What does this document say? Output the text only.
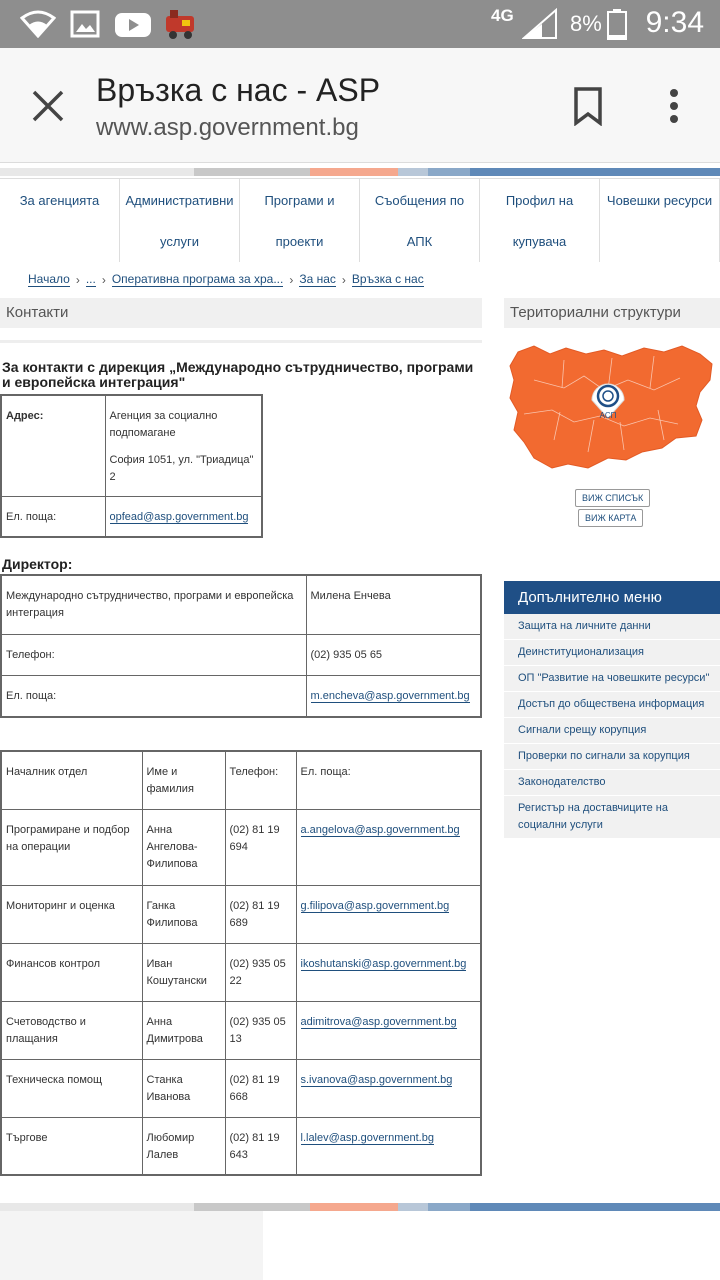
4G	8% 9:34
Връзка с нас - ASP
www.asp.government.bg
За агенцията	Административни
услуги
Програми и
проекти
Съобщения по
АПК
Профил на
купувача
Човешки ресурси
Начало › ... › Оперативна програма за хра... › За нас › Връзка с нас
Контакти	Териториални структури
За контакти с дирекция „Международно сътрудничество, програми и европейска интеграция"
Адрес:	Агенция за социално подпомагане
София 1051, ул. "Триадица" 2

Ел. поща:	opfead@asp.government.bg
Директор:
Международно сътрудничество, програми и европейска интеграция	Милена Енчева
Телефон:	(02) 935 05 65
Ел. поща:	m.encheva@asp.government.bg
Началник отдел	Име и фамилия	Телефон:	Ел. поща:
Програмиране и подбор на операции	Анна Ангелова-Филипова	(02) 81 19 694	a.angelova@asp.government.bg
Мониторинг и оценка	Ганка Филипова	(02) 81 19 689	g.filipova@asp.government.bg
Финансов контрол	Иван Кошутански	(02) 935 05 22	ikoshutanski@asp.government.bg
Счетоводство и плащания	Анна Димитрова	(02) 935 05 13	adimitrova@asp.government.bg
Техническа помощ	Станка Иванова	(02) 81 19 668	s.ivanova@asp.government.bg
Търгове	Любомир Лалев	(02) 81 19 643	l.lalev@asp.government.bg
АСП
ВИЖ СПИСЪК
ВИЖ КАРТА
Допълнително меню
Защита на личните данни
Деинституционализация
ОП "Развитие на човешките ресурси"
Достъп до обществена информация
Сигнали срещу корупция
Проверки по сигнали за корупция
Законодателство
Регистър на доставчиците на социални услуги
